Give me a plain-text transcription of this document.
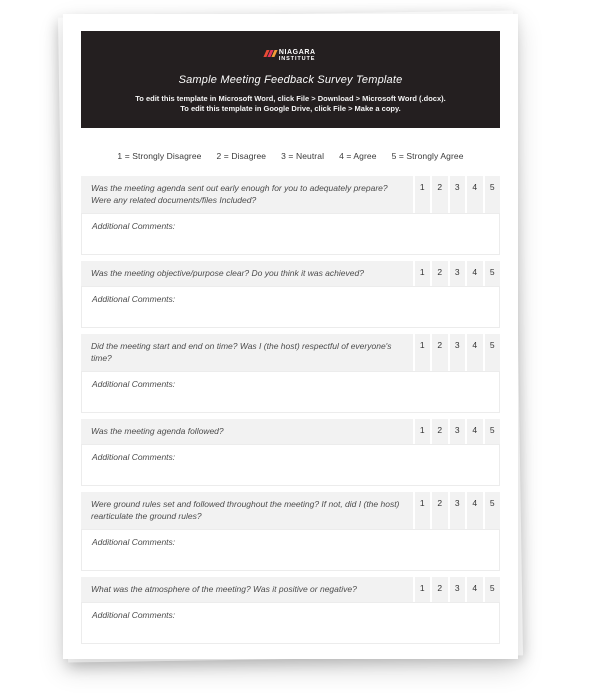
NIAGARA
INSTITUTE
Sample Meeting Feedback Survey Template
To edit this template in Microsoft Word, click File > Download > Microsoft Word (.docx).
To edit this template in Google Drive, click File > Make a copy.
1 = Strongly Disagree 2 = Disagree 3 = Neutral 4 = Agree 5 = Strongly Agree
Was the meeting agenda sent out early enough for you to adequately prepare? Were any related documents/files Included?
1	2	3	4	5
Additional Comments:
Was the meeting objective/purpose clear? Do you think it was achieved?	1	2	3	4	5
Additional Comments:
Did the meeting start and end on time? Was I (the host) respectful of everyone's time?
1	2	3	4	5
Additional Comments:
Was the meeting agenda followed?	1	2	3	4	5
Additional Comments:
Were ground rules set and followed throughout the meeting? If not, did I (the host) rearticulate the ground rules?
1	2	3	4	5
Additional Comments:
What was the atmosphere of the meeting? Was it positive or negative?	1	2	3	4	5
Additional Comments:
